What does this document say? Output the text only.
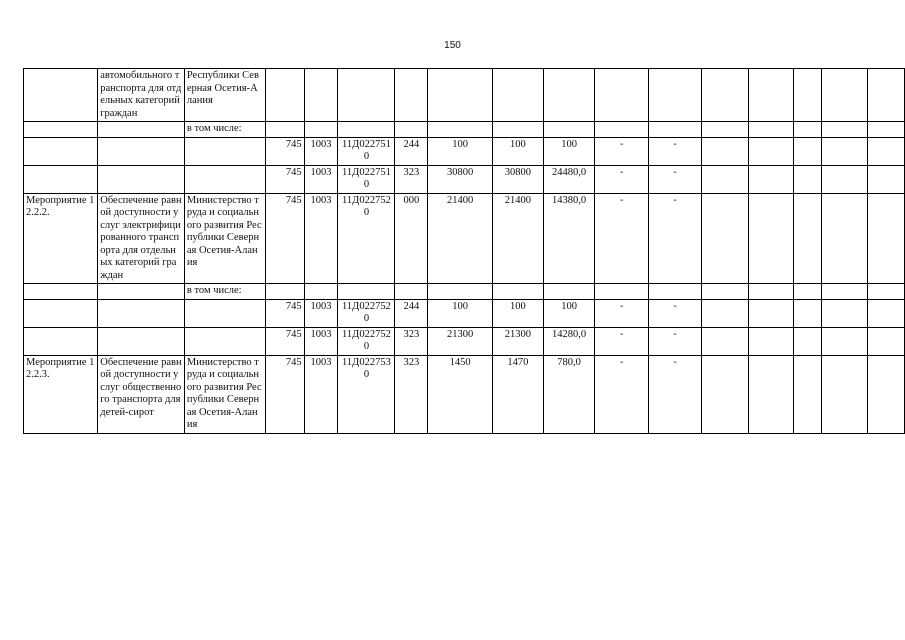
150
	автомобильного транспорта для отдельных категорий граждан	Республики Северная Осетия-Алания														
		в том числе:														
			745	1003	11Д0227510	244	100	100	100	-	-					
			745	1003	11Д0227510	323	30800	30800	24480,0	-	-					
Мероприятие 12.2.2.	Обеспечение равной доступности услуг электрифицированного транспорта для отдельных категорий граждан	Министерство труда и социального развития Республики Северная Осетия-Алания	745	1003	11Д0227520	000	21400	21400	14380,0	-	-					
		в том числе:														
			745	1003	11Д0227520	244	100	100	100	-	-					
			745	1003	11Д0227520	323	21300	21300	14280,0	-	-					
Мероприятие 12.2.3.	Обеспечение равной доступности услуг общественного транспорта для детей-сирот	Министерство труда и социального развития Республики Северная Осетия-Алания	745	1003	11Д0227530	323	1450	1470	780,0	-	-					
